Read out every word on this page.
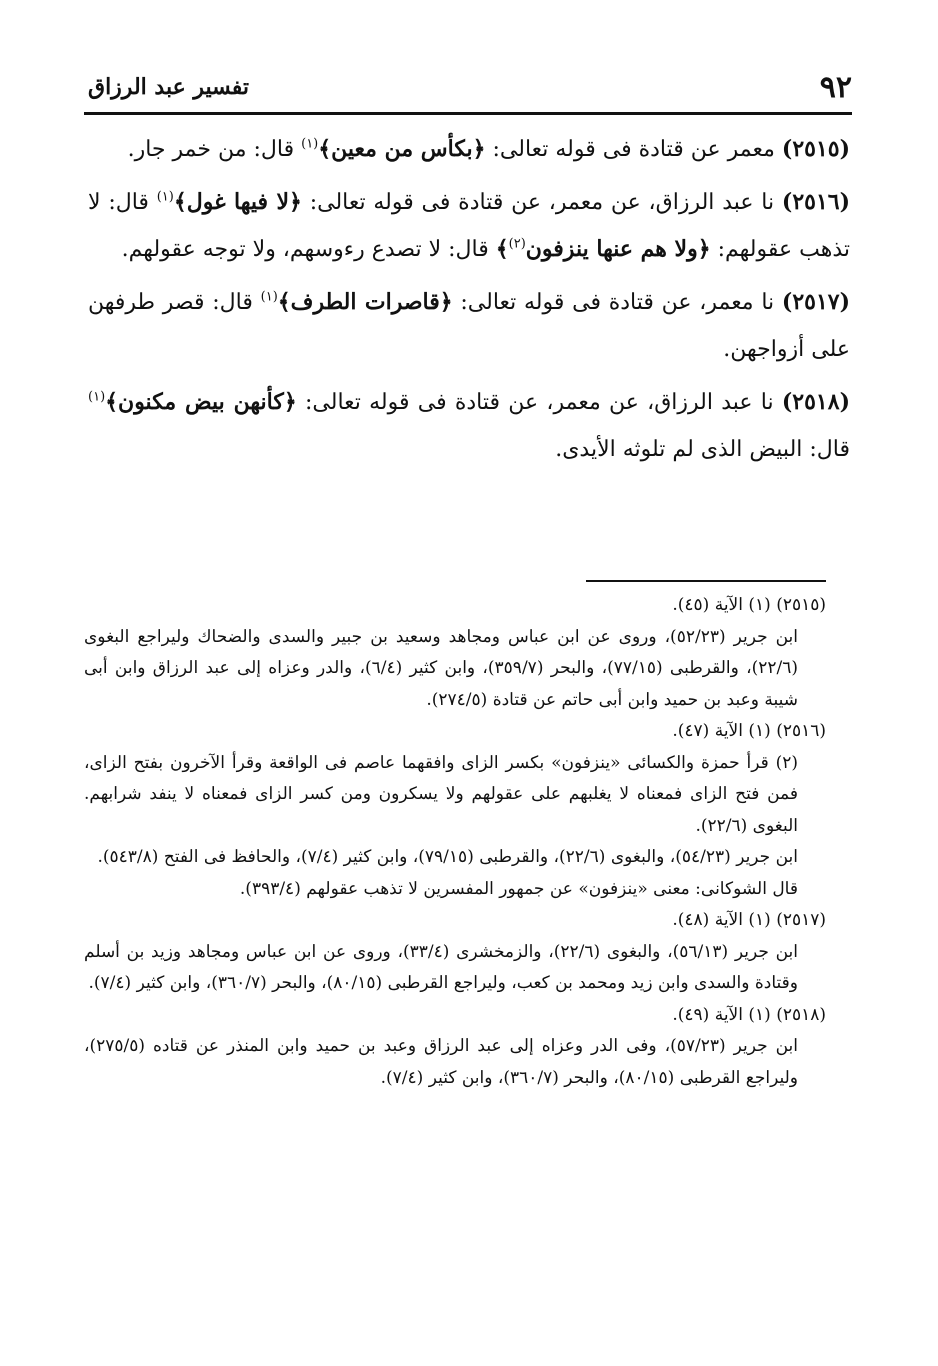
٩٢
تفسير عبد الرزاق

(٢٥١٥) معمر عن قتادة فى قوله تعالى: ﴿بكأس من معين﴾$^{(١)}$ قال: من خمر جار.

(٢٥١٦) نا عبد الرزاق، عن معمر، عن قتادة فى قوله تعالى: ﴿لا فيها غول﴾$^{(١)}$ قال: لا تذهب عقولهم: ﴿ولا هم عنها ينزفون$^{(٢)}$﴾ قال: لا تصدع رءوسهم، ولا توجه عقولهم.

(٢٥١٧) نا معمر، عن قتادة فى قوله تعالى: ﴿قاصرات الطرف﴾$^{(١)}$ قال: قصر طرفهن على أزواجهن.

(٢٥١٨) نا عبد الرزاق، عن معمر، عن قتادة فى قوله تعالى: ﴿كأنهن بيض مكنون﴾$^{(١)}$ قال: البيض الذى لم تلوثه الأيدى.

(٢٥١٥) (١) الآية (٤٥).

ابن جرير (٥٢/٢٣)، وروى عن ابن عباس ومجاهد وسعيد بن جبير والسدى والضحاك وليراجع البغوى (٢٢/٦)، والقرطبى (٧٧/١٥)، والبحر (٣٥٩/٧)، وابن كثير (٦/٤)، والدر وعزاه إلى عبد الرزاق وابن أبى شيبة وعبد بن حميد وابن أبى حاتم عن قتادة (٢٧٤/٥).

(٢٥١٦) (١) الآية (٤٧).

(٢) قرأ حمزة والكسائى «ينزفون» بكسر الزاى وافقهما عاصم فى الواقعة وقرأ الآخرون بفتح الزاى، فمن فتح الزاى فمعناه لا يغلبهم على عقولهم ولا يسكرون ومن كسر الزاى فمعناه لا ينفد شرابهم. البغوى (٢٢/٦).

ابن جرير (٥٤/٢٣)، والبغوى (٢٢/٦)، والقرطبى (٧٩/١٥)، وابن كثير (٧/٤)، والحافظ فى الفتح (٥٤٣/٨).

قال الشوكانى: معنى «ينزفون» عن جمهور المفسرين لا تذهب عقولهم (٣٩٣/٤).

(٢٥١٧) (١) الآية (٤٨).

ابن جرير (٥٦/١٣)، والبغوى (٢٢/٦)، والزمخشرى (٣٣/٤)، وروى عن ابن عباس ومجاهد وزيد بن أسلم وقتادة والسدى وابن زيد ومحمد بن كعب، وليراجع القرطبى (٨٠/١٥)، والبحر (٣٦٠/٧)، وابن كثير (٧/٤).

(٢٥١٨) (١) الآية (٤٩).

ابن جرير (٥٧/٢٣)، وفى الدر وعزاه إلى عبد الرزاق وعبد بن حميد وابن المنذر عن قتاده (٢٧٥/٥)، وليراجع القرطبى (٨٠/١٥)، والبحر (٣٦٠/٧)، وابن كثير (٧/٤).
